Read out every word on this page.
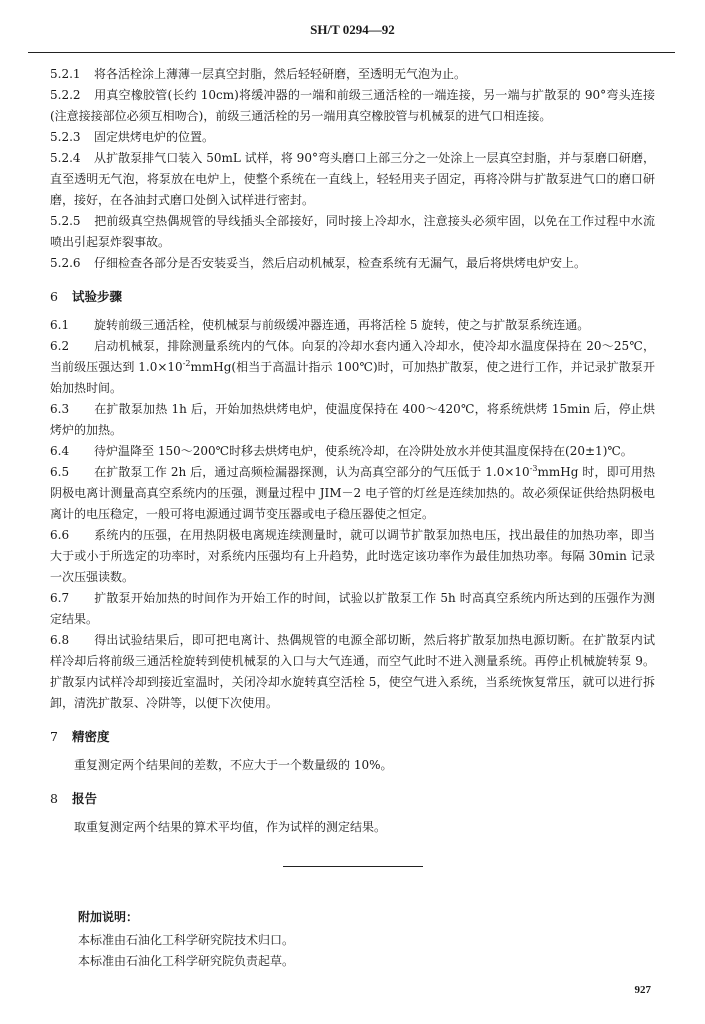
SH/T 0294—92

5.2.1 将各活栓涂上薄薄一层真空封脂，然后轻轻研磨，至透明无气泡为止。

5.2.2 用真空橡胶管(长约 10cm)将缓冲器的一端和前级三通活栓的一端连接，另一端与扩散泵的 90°弯头连接(注意接接部位必须互相吻合)，前级三通活栓的另一端用真空橡胶管与机械泵的进气口相连接。

5.2.3 固定烘烤电炉的位置。

5.2.4 从扩散泵排气口装入 50mL 试样，将 90°弯头磨口上部三分之一处涂上一层真空封脂，并与泵磨口研磨，直至透明无气泡，将泵放在电炉上，使整个系统在一直线上，轻轻用夹子固定，再将冷阱与扩散泵进气口的磨口研磨，接好，在各油封式磨口处倒入试样进行密封。

5.2.5 把前级真空热偶规管的导线插头全部接好，同时接上冷却水，注意接头必须牢固，以免在工作过程中水流喷出引起泵炸裂事故。

5.2.6 仔细检查各部分是否安装妥当，然后启动机械泵，检查系统有无漏气，最后将烘烤电炉安上。

6 试验步骤

6.1 旋转前级三通活栓，使机械泵与前级缓冲器连通，再将活栓 5 旋转，使之与扩散泵系统连通。

6.2 启动机械泵，排除测量系统内的气体。向泵的冷却水套内通入冷却水，使冷却水温度保持在 20～25℃，当前级压强达到 $1.0\times 10^{-2}mmHg$(相当于高温计指示 100℃)时，可加热扩散泵，使之进行工作，并记录扩散泵开始加热时间。

6.3 在扩散泵加热 1h 后，开始加热烘烤电炉，使温度保持在 400～420℃，将系统烘烤 15min 后，停止烘烤炉的加热。

6.4 待炉温降至 150～200℃时移去烘烤电炉，使系统冷却，在冷阱处放水并使其温度保持在(20±1)℃。

6.5 在扩散泵工作 2h 后，通过高频检漏器探测，认为高真空部分的气压低于 $1.0\times 10^{-3}mmHg$ 时，即可用热阴极电离计测量高真空系统内的压强，测量过程中 JIM－2 电子管的灯丝是连续加热的。故必须保证供给热阴极电离计的电压稳定，一般可将电源通过调节变压器或电子稳压器使之恒定。

6.6 系统内的压强，在用热阴极电离规连续测量时，就可以调节扩散泵加热电压，找出最佳的加热功率，即当大于或小于所选定的功率时，对系统内压强均有上升趋势，此时选定该功率作为最佳加热功率。每隔 30min 记录一次压强读数。

6.7 扩散泵开始加热的时间作为开始工作的时间，试验以扩散泵工作 5h 时高真空系统内所达到的压强作为测定结果。

6.8 得出试验结果后，即可把电离计、热偶规管的电源全部切断，然后将扩散泵加热电源切断。在扩散泵内试样冷却后将前级三通活栓旋转到使机械泵的入口与大气连通，而空气此时不进入测量系统。再停止机械旋转泵 9。扩散泵内试样冷却到接近室温时，关闭冷却水旋转真空活栓 5，使空气进入系统，当系统恢复常压，就可以进行拆卸，清洗扩散泵、冷阱等，以便下次使用。

7 精密度

重复测定两个结果间的差数，不应大于一个数量级的 10%。

8 报告

取重复测定两个结果的算术平均值，作为试样的测定结果。

附加说明：
本标准由石油化工科学研究院技术归口。
本标准由石油化工科学研究院负责起草。
927
